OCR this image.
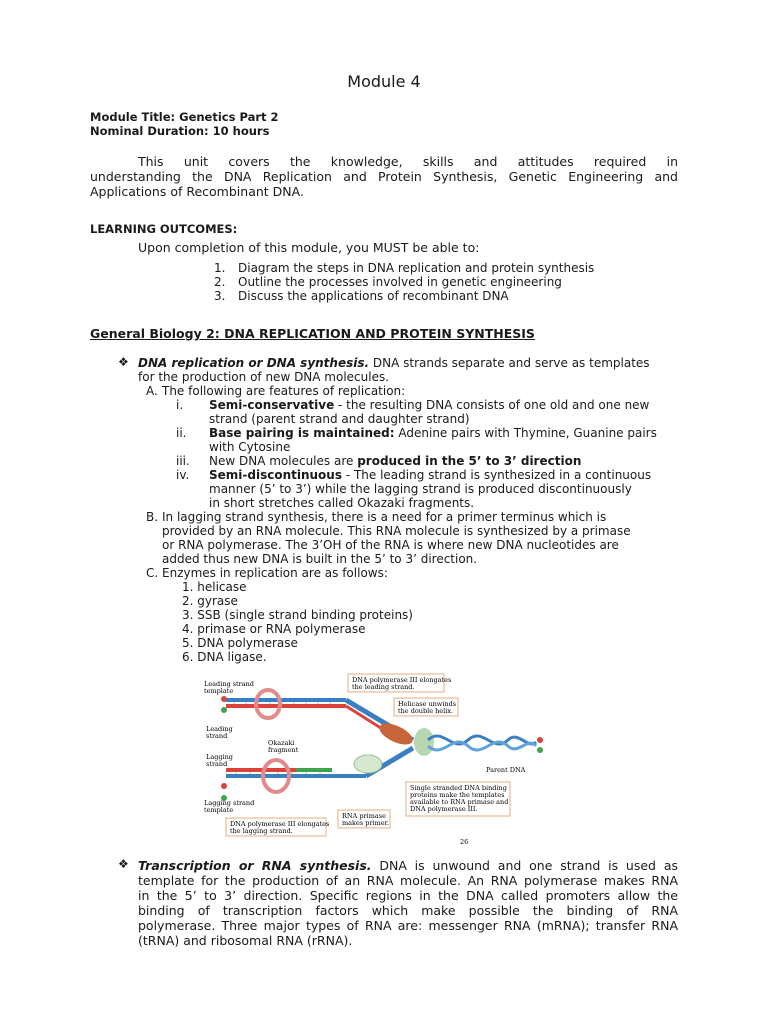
Module 4
Module Title: Genetics Part 2
Nominal Duration: 10 hours
This unit covers the knowledge, skills and attitudes required in
understanding the DNA Replication and Protein Synthesis, Genetic Engineering and
Applications of Recombinant DNA.
LEARNING OUTCOMES:
Upon completion of this module, you MUST be able to:
1. Diagram the steps in DNA replication and protein synthesis
2. Outline the processes involved in genetic engineering
3. Discuss the applications of recombinant DNA
General Biology 2: DNA REPLICATION AND PROTEIN SYNTHESIS
❖ DNA replication or DNA synthesis. DNA strands separate and serve as templates
for the production of new DNA molecules.
A. The following are features of replication:
i. Semi-conservative - the resulting DNA consists of one old and one new
strand (parent strand and daughter strand)
ii. Base pairing is maintained: Adenine pairs with Thymine, Guanine pairs
with Cytosine
iii. New DNA molecules are produced in the 5’ to 3’ direction
iv. Semi-discontinuous - The leading strand is synthesized in a continuous
manner (5’ to 3’) while the lagging strand is produced discontinuously
in short stretches called Okazaki fragments.
B. In lagging strand synthesis, there is a need for a primer terminus which is
provided by an RNA molecule. This RNA molecule is synthesized by a primase
or RNA polymerase. The 3’OH of the RNA is where new DNA nucleotides are
added thus new DNA is built in the 5’ to 3’ direction.
C. Enzymes in replication are as follows:
1. helicase
2. gyrase
3. SSB (single strand binding proteins)
4. primase or RNA polymerase
5. DNA polymerase
6. DNA ligase.
Leading strand
template
Leading
strand
Lagging
strand
Okazaki
fragment
Lagging strand
template
DNA polymerase III elongates
the leading strand.
Helicase unwinds
the double helix.
Parent DNA
Single stranded DNA binding
proteins make the templates
available to RNA primase and
DNA polymerase III.
RNA primase
makes primer.
DNA polymerase III elongates
the lagging strand.
26
❖ Transcription or RNA synthesis. DNA is unwound and one strand is used as
template for the production of an RNA molecule. An RNA polymerase makes RNA
in the 5’ to 3’ direction. Specific regions in the DNA called promoters allow the
binding of transcription factors which make possible the binding of RNA
polymerase. Three major types of RNA are: messenger RNA (mRNA); transfer RNA
(tRNA) and ribosomal RNA (rRNA).
